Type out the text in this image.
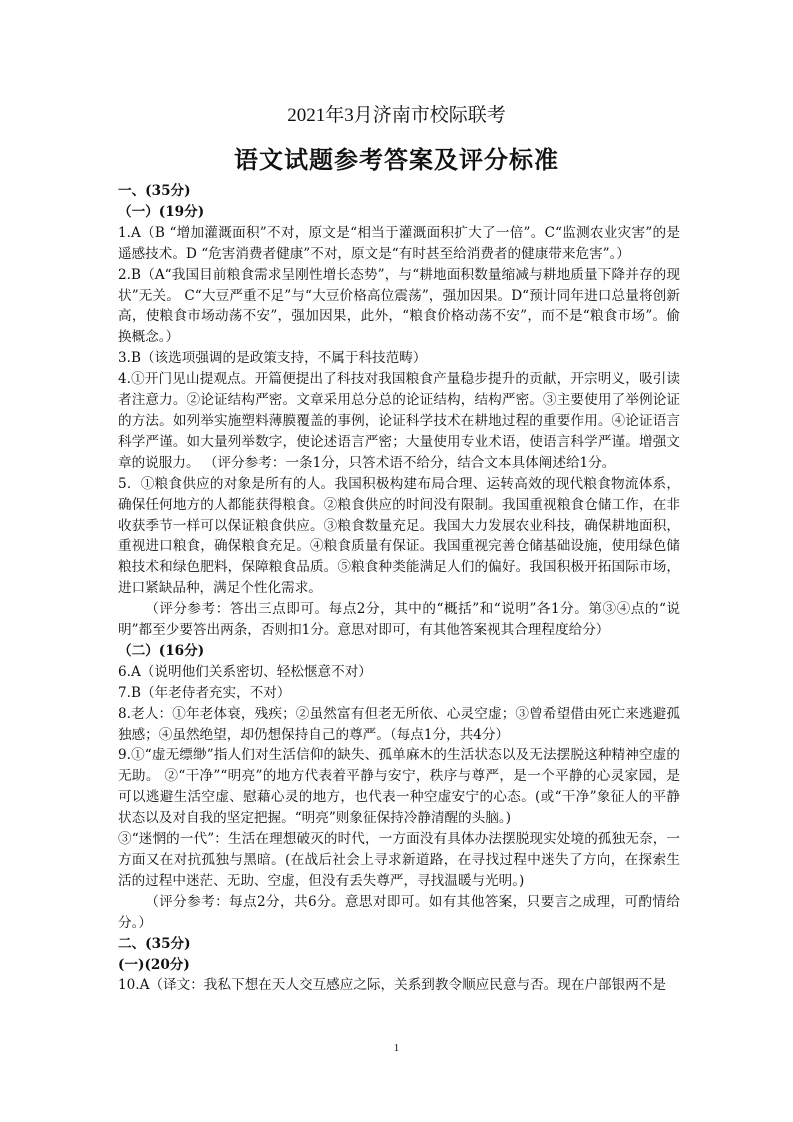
2021年3月济南市校际联考
语文试题参考答案及评分标准

一、(35分)

（一）(19分)

1.A（B “增加灌溉面积”不对，原文是“相当于灌溉面积扩大了一倍”。C“监测农业灾害”的是遥感技术。D “危害消费者健康”不对，原文是“有时甚至给消费者的健康带来危害”。）

2.B（A“我国目前粮食需求呈刚性增长态势”，与“耕地面积数量缩减与耕地质量下降并存的现状”无关。 C“大豆严重不足”与“大豆价格高位震荡”，强加因果。D“预计同年进口总量将创新高，使粮食市场动荡不安”，强加因果，此外，“粮食价格动荡不安”，而不是“粮食市场”。偷换概念。）

3.B（该选项强调的是政策支持，不属于科技范畴）

4.①开门见山提观点。开篇便提出了科技对我国粮食产量稳步提升的贡献，开宗明义，吸引读者注意力。②论证结构严密。文章采用总分总的论证结构，结构严密。③主要使用了举例论证的方法。如列举实施塑料薄膜覆盖的事例，论证科学技术在耕地过程的重要作用。④论证语言科学严谨。如大量列举数字，使论述语言严密；大量使用专业术语，使语言科学严谨。增强文章的说服力。 （评分参考：一条1分，只答术语不给分，结合文本具体阐述给1分。

5．①粮食供应的对象是所有的人。我国积极构建布局合理、运转高效的现代粮食物流体系，确保任何地方的人都能获得粮食。②粮食供应的时间没有限制。我国重视粮食仓储工作，在非收获季节一样可以保证粮食供应。③粮食数量充足。我国大力发展农业科技，确保耕地面积，重视进口粮食，确保粮食充足。④粮食质量有保证。我国重视完善仓储基础设施，使用绿色储粮技术和绿色肥料，保障粮食品质。⑤粮食种类能满足人们的偏好。我国积极开拓国际市场，进口紧缺品种，满足个性化需求。

（评分参考：答出三点即可。每点2分，其中的“概括”和“说明”各1分。第③④点的“说明”都至少要答出两条，否则扣1分。意思对即可，有其他答案视其合理程度给分）

（二）(16分)

6.A（说明他们关系密切、轻松惬意不对）

7.B（年老侍者充实，不对）

8.老人：①年老体衰，残疾；②虽然富有但老无所依、心灵空虚；③曾希望借由死亡来逃避孤独感；④虽然绝望，却仍想保持自己的尊严。（每点1分，共4分）

9.①“虚无缥缈”指人们对生活信仰的缺失、孤单麻木的生活状态以及无法摆脱这种精神空虚的无助。 ②“干净”“明亮”的地方代表着平静与安宁，秩序与尊严，是一个平静的心灵家园，是可以逃避生活空虚、慰藉心灵的地方，也代表一种空虚安宁的心态。(或“干净”象征人的平静状态以及对自我的坚定把握。“明亮”则象征保持冷静清醒的头脑。)

③“迷惘的一代”：生活在理想破灭的时代，一方面没有具体办法摆脱现实处境的孤独无奈，一方面又在对抗孤独与黑暗。(在战后社会上寻求新道路，在寻找过程中迷失了方向，在探索生活的过程中迷茫、无助、空虚，但没有丢失尊严，寻找温暖与光明。)

（评分参考：每点2分，共6分。意思对即可。如有其他答案，只要言之成理，可酌情给分。）

二、(35分)

(一)(20分)

10.A（译文：我私下想在天人交互感应之际，关系到教令顺应民意与否。现在户部银两不是

1
